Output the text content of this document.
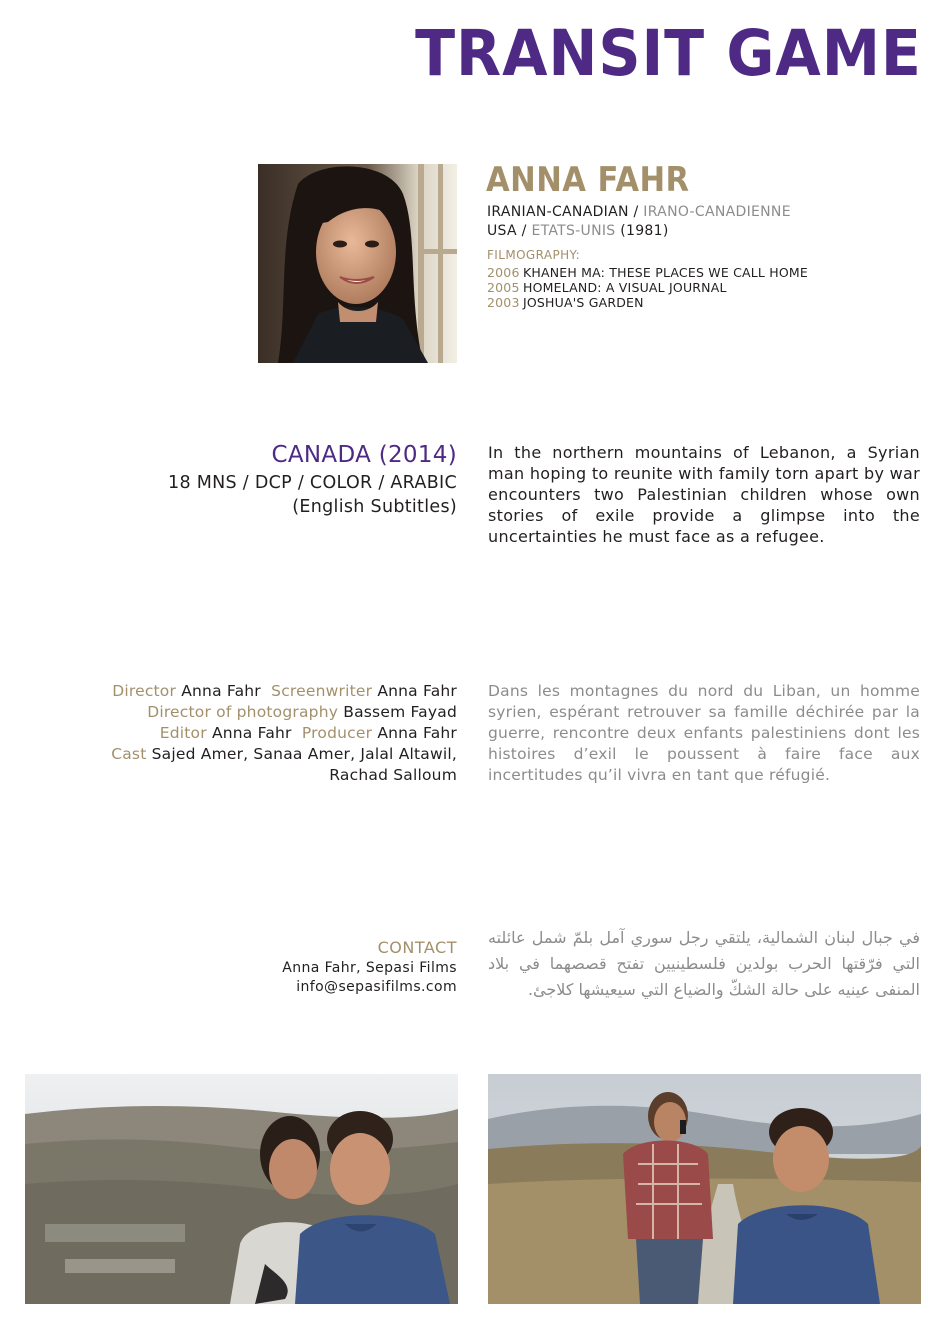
TRANSIT GAME
ANNA FAHR
IRANIAN-CANADIAN / IRANO-CANADIENNE
USA / ETATS-UNIS (1981)
FILMOGRAPHY:
2006 KHANEH MA: THESE PLACES WE CALL HOME
2005 HOMELAND: A VISUAL JOURNAL
2003 JOSHUA'S GARDEN
CANADA (2014)
18 MNS / DCP / COLOR / ARABIC
(English Subtitles)
In the northern mountains of Lebanon, a Syrian man hoping to reunite with family torn apart by war encounters two Palestinian children whose own stories of exile provide a glimpse into the uncertainties he must face as a refugee.
Director Anna Fahr Screenwriter Anna Fahr
Director of photography Bassem Fayad
Editor Anna Fahr Producer Anna Fahr
Cast Sajed Amer, Sanaa Amer, Jalal Altawil,
Rachad Salloum
Dans les montagnes du nord du Liban, un homme syrien, espérant retrouver sa famille déchirée par la guerre, rencontre deux enfants palestiniens dont les histoires d’exil le poussent à faire face aux incertitudes qu’il vivra en tant que réfugié.
CONTACT
Anna Fahr, Sepasi Films
info@sepasifilms.com
في جبال لبنان الشمالية، يلتقي رجل سوري آمل بلمّ شمل عائلته التي فرّقتها الحرب بولدين فلسطينيين تفتح قصصهما في بلاد المنفى عينيه على حالة الشكّ والضياع التي سيعيشها كلاجئ.
